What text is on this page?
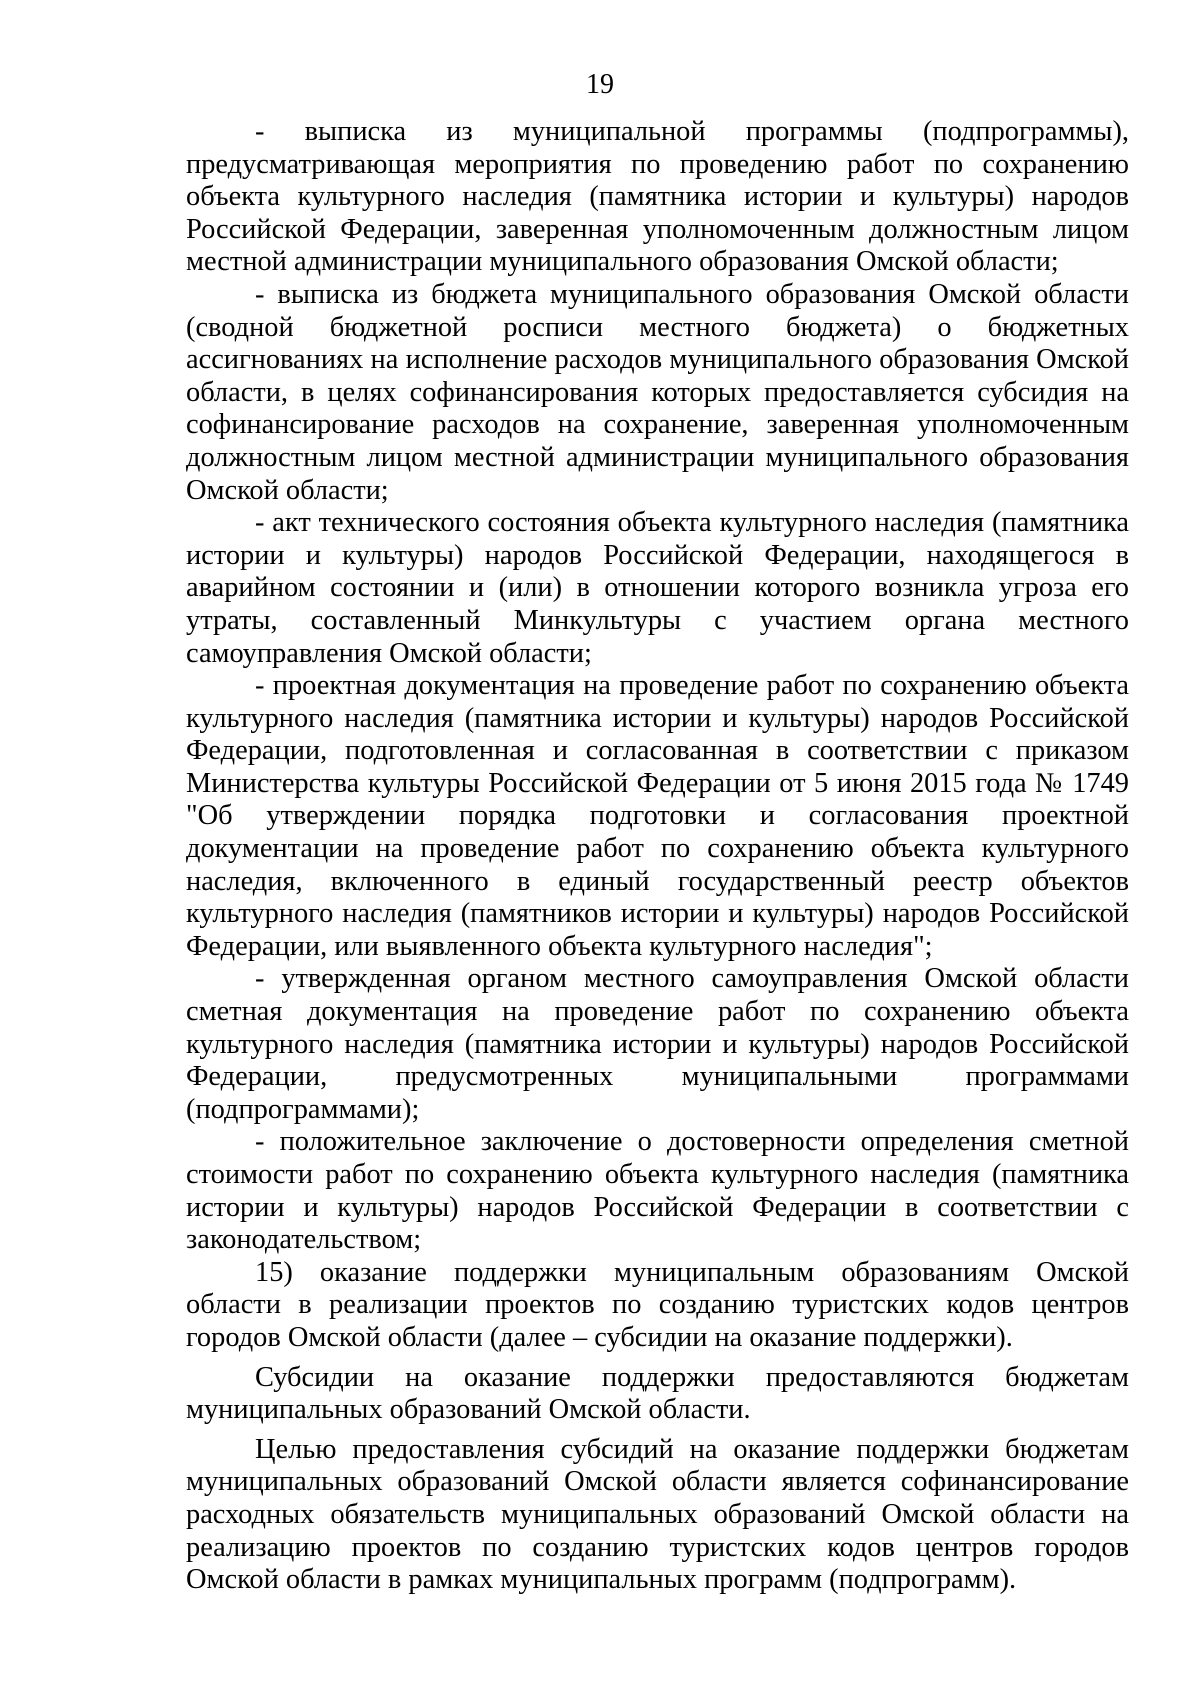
19

- выписка из муниципальной программы (подпрограммы), предусматривающая мероприятия по проведению работ по сохранению объекта культурного наследия (памятника истории и культуры) народов Российской Федерации, заверенная уполномоченным должностным лицом местной администрации муниципального образования Омской области;

- выписка из бюджета муниципального образования Омской области (сводной бюджетной росписи местного бюджета) о бюджетных ассигнованиях на исполнение расходов муниципального образования Омской области, в целях софинансирования которых предоставляется субсидия на софинансирование расходов на сохранение, заверенная уполномоченным должностным лицом местной администрации муниципального образования Омской области;

- акт технического состояния объекта культурного наследия (памятника истории и культуры) народов Российской Федерации, находящегося в аварийном состоянии и (или) в отношении которого возникла угроза его утраты, составленный Минкультуры с участием органа местного самоуправления Омской области;

- проектная документация на проведение работ по сохранению объекта культурного наследия (памятника истории и культуры) народов Российской Федерации, подготовленная и согласованная в соответствии с приказом Министерства культуры Российской Федерации от 5 июня 2015 года № 1749 "Об утверждении порядка подготовки и согласования проектной документации на проведение работ по сохранению объекта культурного наследия, включенного в единый государственный реестр объектов культурного наследия (памятников истории и культуры) народов Российской Федерации, или выявленного объекта культурного наследия";

- утвержденная органом местного самоуправления Омской области сметная документация на проведение работ по сохранению объекта культурного наследия (памятника истории и культуры) народов Российской Федерации, предусмотренных муниципальными программами (подпрограммами);

- положительное заключение о достоверности определения сметной стоимости работ по сохранению объекта культурного наследия (памятника истории и культуры) народов Российской Федерации в соответствии с законодательством;

15) оказание поддержки муниципальным образованиям Омской области в реализации проектов по созданию туристских кодов центров городов Омской области (далее – субсидии на оказание поддержки).

Субсидии на оказание поддержки предоставляются бюджетам муниципальных образований Омской области.

Целью предоставления субсидий на оказание поддержки бюджетам муниципальных образований Омской области является софинансирование расходных обязательств муниципальных образований Омской области на реализацию проектов по созданию туристских кодов центров городов Омской области в рамках муниципальных программ (подпрограмм).
